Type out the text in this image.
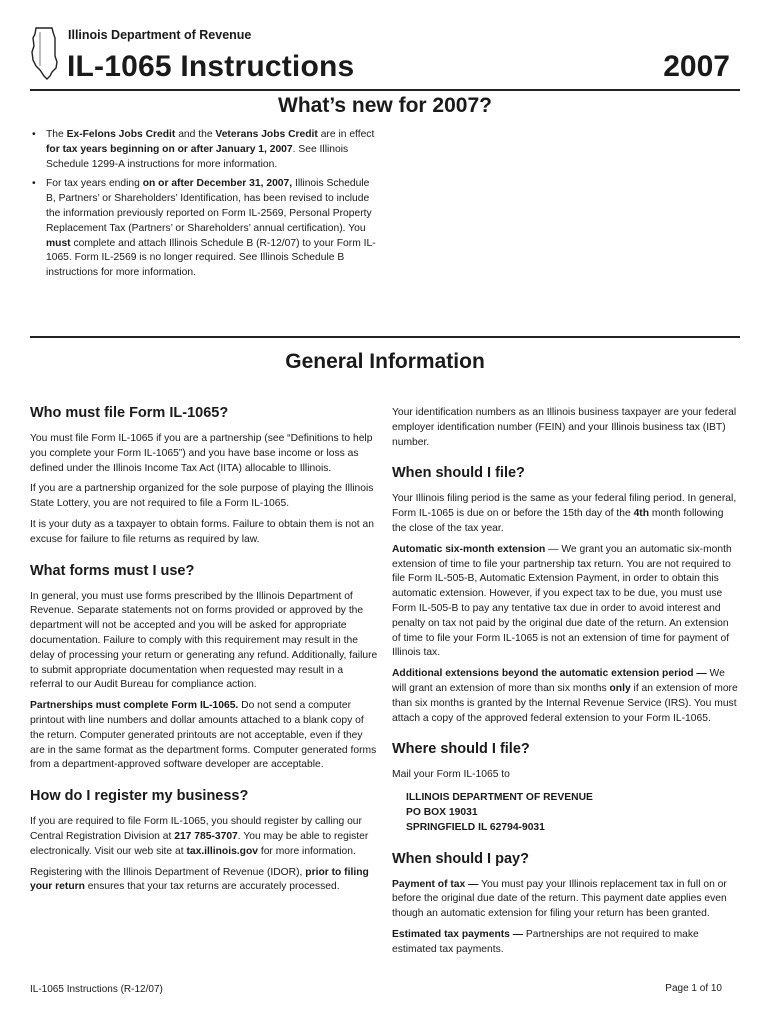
Illinois Department of Revenue
IL-1065 Instructions	2007
What’s new for 2007?
• The Ex-Felons Jobs Credit and the Veterans Jobs Credit are in effect for tax years beginning on or after January 1, 2007. See Illinois Schedule 1299-A instructions for more information.
• For tax years ending on or after December 31, 2007, Illinois Schedule B, Partners’ or Shareholders’ Identification, has been revised to include the information previously reported on Form IL-2569, Personal Property Replacement Tax (Partners’ or Shareholders’ annual certification). You must complete and attach Illinois Schedule B (R-12/07) to your Form IL-1065. Form IL-2569 is no longer required. See Illinois Schedule B instructions for more information.
General Information
Who must file Form IL-1065?

You must file Form IL-1065 if you are a partnership (see “Definitions to help you complete your Form IL-1065”) and you have base income or loss as defined under the Illinois Income Tax Act (IITA) allocable to Illinois.

If you are a partnership organized for the sole purpose of playing the Illinois State Lottery, you are not required to file a Form IL-1065.

It is your duty as a taxpayer to obtain forms. Failure to obtain them is not an excuse for failure to file returns as required by law.

What forms must I use?

In general, you must use forms prescribed by the Illinois Department of Revenue. Separate statements not on forms provided or approved by the department will not be accepted and you will be asked for appropriate documentation. Failure to comply with this requirement may result in the delay of processing your return or generating any refund. Additionally, failure to submit appropriate documentation when requested may result in a referral to our Audit Bureau for compliance action.

Partnerships must complete Form IL-1065. Do not send a computer printout with line numbers and dollar amounts attached to a blank copy of the return. Computer generated printouts are not acceptable, even if they are in the same format as the department forms. Computer generated forms from a department-approved software developer are acceptable.

How do I register my business?

If you are required to file Form IL-1065, you should register by calling our Central Registration Division at 217 785-3707. You may be able to register electronically. Visit our web site at tax.illinois.gov for more information.

Registering with the Illinois Department of Revenue (IDOR), prior to filing your return ensures that your tax returns are accurately processed.

Your identification numbers as an Illinois business taxpayer are your federal employer identification number (FEIN) and your Illinois business tax (IBT) number.

When should I file?

Your Illinois filing period is the same as your federal filing period. In general, Form IL-1065 is due on or before the 15th day of the 4th month following the close of the tax year.

Automatic six-month extension — We grant you an automatic six-month extension of time to file your partnership tax return. You are not required to file Form IL-505-B, Automatic Extension Payment, in order to obtain this automatic extension. However, if you expect tax to be due, you must use Form IL-505-B to pay any tentative tax due in order to avoid interest and penalty on tax not paid by the original due date of the return. An extension of time to file your Form IL-1065 is not an extension of time for payment of Illinois tax.

Additional extensions beyond the automatic extension period — We will grant an extension of more than six months only if an extension of more than six months is granted by the Internal Revenue Service (IRS). You must attach a copy of the approved federal extension to your Form IL-1065.

Where should I file?

Mail your Form IL-1065 to

ILLINOIS DEPARTMENT OF REVENUE
PO BOX 19031
SPRINGFIELD IL 62794-9031
When should I pay?

Payment of tax — You must pay your Illinois replacement tax in full on or before the original due date of the return. This payment date applies even though an automatic extension for filing your return has been granted.

Estimated tax payments — Partnerships are not required to make estimated tax payments.

IL-1065 Instructions (R-12/07)	Page 1 of 10
